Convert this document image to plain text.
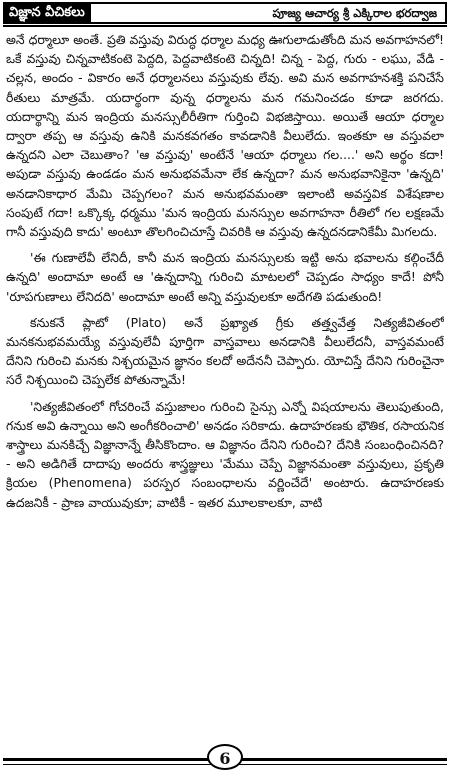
విజ్ఞాన వీచికలు	పూజ్య ఆచార్య శ్రీ ఎక్కిరాల భరద్వాజ

అనే ధర్మాలూ అంతే. ప్రతి వస్తువు విరుద్ధ ధర్మాల మధ్య ఊగులాడుతోంది మన అవగాహనలో! ఒకే వస్తువు చిన్నవాటికంటె పెద్దది, పెద్దవాటికంటె చిన్నది! చిన్న - పెద్ద, గురు - లఘు, వేడి - చల్లన, అందం - వికారం అనే ధర్మాలనలు వస్తువుకు లేవు. అవి మన అవగాహనశక్తి పనిచేసే రీతులు మాత్రమే. యదార్థంగా వున్న ధర్మాలను మన గమనించడం కూడా జరగదు. యదార్థాన్ని మన ఇంద్రియ మనస్సులీరీతిగా గుర్తించి విభజిస్తాయి. అయితే ఆయా ధర్మాల ద్వారా తప్ప ఆ వస్తువు ఉనికి మనకవగతం కావడానికి వీలులేదు. ఇంతకూ ఆ వస్తువలా ఉన్నదని ఎలా చెబుతాం? 'ఆ వస్తువు' అంటేనే 'ఆయా ధర్మాలు గల....' అని అర్థం కదా! అపుడా వస్తువు ఉండడం మన అనుభవమేనా లేక ఉన్నదా? మన అనుభవానికైనా 'ఉన్నది' అనడానికాధార మేమి చెప్పగలం? మన అనుభవమంతా ఇలాంటి అవస్తవిక విశేషణాల సంపుటే గదా! ఒక్కొక్క ధర్మము 'మన ఇంద్రియ మనస్సుల అవగాహనా రీతిలో గల లక్షణమే గానీ వస్తువుది కాదు' అంటూ తొలగించిచూస్తే చివరికి ఆ వస్తువు ఉన్నదనడానికేమీ మిగలదు.

'ఈ గుణాలేవీ లేనిదీ, కానీ మన ఇంద్రియ మనస్సులకు ఇట్టి అను భవాలను కల్గించేదీ ఉన్నది' అందామా అంటే ఆ 'ఉన్నదాన్ని గురించి మాటలలో చెప్పడం సాధ్యం కాదే! పోనీ 'రూపగుణాలు లేనిదది' అందామా అంటే అన్ని వస్తువులకూ అదేగతి పడుతుంది!

కనుకనే ప్లాటో (Plato) అనే ప్రఖ్యాత గ్రీకు తత్త్వవేత్త నిత్యజీవితంలో మనకనుభవమయ్యే వస్తువులేవీ పూర్తిగా వాస్తవాలు అనడానికి వీలులేదనీ, వాస్తవమంటే దేనిని గురించి మనకు నిశ్చయమైన జ్ఞానం కలదో అదేననీ చెప్పారు. యోచిస్తే దేనిని గురించైనా సరే నిశ్చయించి చెప్పలేక పోతున్నామే!

'నిత్యజీవితంలో గోచరించే వస్తుజాలం గురించి సైన్సు ఎన్నో విషయాలను తెలుపుతుంది, గనుక అవి ఉన్నాయి అని అంగీకరించాలి' అనడం సరికాదు. ఉదాహరణకు భౌతిక, రసాయనిక శాస్త్రాలు మనకిచ్చే విజ్ఞానాన్నే తీసికొందాం. ఆ విజ్ఞానం దేనిని గురించి? దేనికి సంబంధించినది? - అని అడిగితే దాదాపు అందరు శాస్త్రజ్ఞులు 'మేము చెప్పే విజ్ఞానమంతా వస్తువులు, ప్రకృతి క్రియల (Phenomena) పరస్పర సంబంధాలను వర్ణించేదే' అంటారు. ఉదాహరణకు ఉదజనికీ - ప్రాణ వాయువుకూ; వాటికీ - ఇతర మూలకాలకూ, వాటి

6
